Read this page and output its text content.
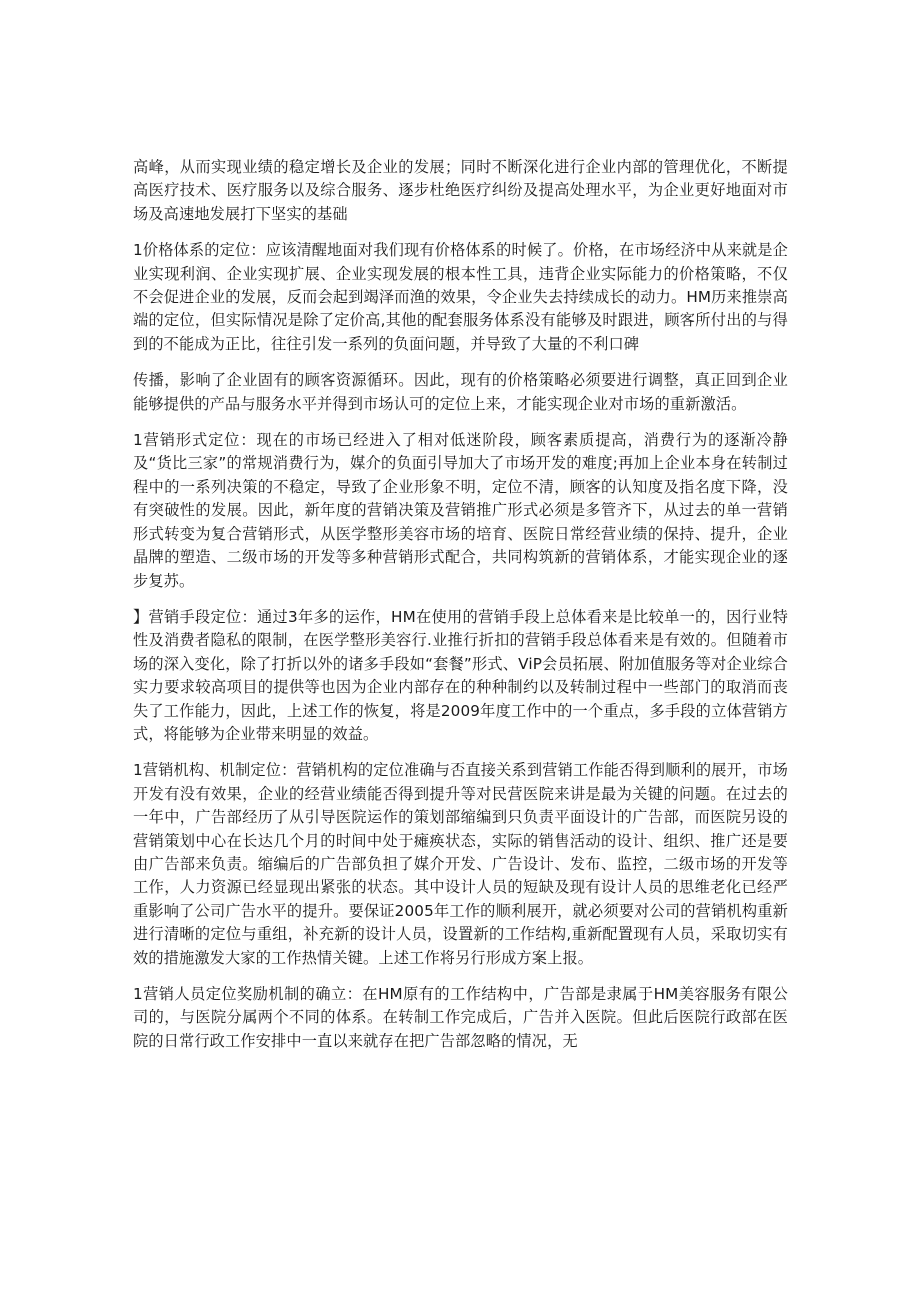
高峰，从而实现业绩的稳定增长及企业的发展；同时不断深化进行企业内部的管理优化，不断提高医疗技术、医疗服务以及综合服务、逐步杜绝医疗纠纷及提高处理水平，为企业更好地面对市场及高速地发展打下坚实的基础

1价格体系的定位：应该清醒地面对我们现有价格体系的时候了。价格，在市场经济中从来就是企业实现利润、企业实现扩展、企业实现发展的根本性工具，违背企业实际能力的价格策略，不仅不会促进企业的发展，反而会起到竭泽而渔的效果，令企业失去持续成长的动力。HM历来推崇高端的定位，但实际情况是除了定价高,其他的配套服务体系没有能够及时跟进，顾客所付出的与得到的不能成为正比，往往引发一系列的负面问题，并导致了大量的不利口碑

传播，影响了企业固有的顾客资源循环。因此，现有的价格策略必须要进行调整，真正回到企业能够提供的产品与服务水平并得到市场认可的定位上来，才能实现企业对市场的重新激活。

1营销形式定位：现在的市场已经进入了相对低迷阶段，顾客素质提高，消费行为的逐渐冷静及“货比三家”的常规消费行为，媒介的负面引导加大了市场开发的难度;再加上企业本身在转制过程中的一系列决策的不稳定，导致了企业形象不明，定位不清，顾客的认知度及指名度下降，没有突破性的发展。因此，新年度的营销决策及营销推广形式必须是多管齐下，从过去的单一营销形式转变为复合营销形式，从医学整形美容市场的培育、医院日常经营业绩的保持、提升，企业晶牌的塑造、二级市场的开发等多种营销形式配合，共同构筑新的营销体系，才能实现企业的逐步复苏。

】营销手段定位：通过3年多的运作，HM在使用的营销手段上总体看来是比较单一的，因行业特性及消费者隐私的限制，在医学整形美容行.业推行折扣的营销手段总体看来是有效的。但随着市场的深入变化，除了打折以外的诸多手段如“套餐”形式、ViP会员拓展、附加值服务等对企业综合实力要求较高项目的提供等也因为企业内部存在的种种制约以及转制过程中一些部门的取消而丧失了工作能力，因此，上述工作的恢复，将是2009年度工作中的一个重点，多手段的立体营销方式，将能够为企业带来明显的效益。

1营销机构、机制定位：营销机构的定位准确与否直接关系到营销工作能否得到顺利的展开，市场开发有没有效果，企业的经营业绩能否得到提升等对民营医院来讲是最为关键的问题。在过去的一年中，广告部经历了从引导医院运作的策划部缩编到只负责平面设计的广告部，而医院另设的营销策划中心在长达几个月的时间中处于瘫痪状态，实际的销售活动的设计、组织、推广还是要由广告部来负责。缩编后的广告部负担了媒介开发、广告设计、发布、监控，二级市场的开发等工作，人力资源已经显现出紧张的状态。其中设计人员的短缺及现有设计人员的思维老化已经严重影响了公司广告水平的提升。要保证2005年工作的顺利展开，就必须要对公司的营销机构重新进行清晰的定位与重组，补充新的设计人员，设置新的工作结构,重新配置现有人员，采取切实有效的措施激发大家的工作热情关键。上述工作将另行形成方案上报。

1营销人员定位奖励机制的确立：在HM原有的工作结构中，广告部是隶属于HM美容服务有限公司的，与医院分属两个不同的体系。在转制工作完成后，广告并入医院。但此后医院行政部在医院的日常行政工作安排中一直以来就存在把广告部忽略的情况，无
